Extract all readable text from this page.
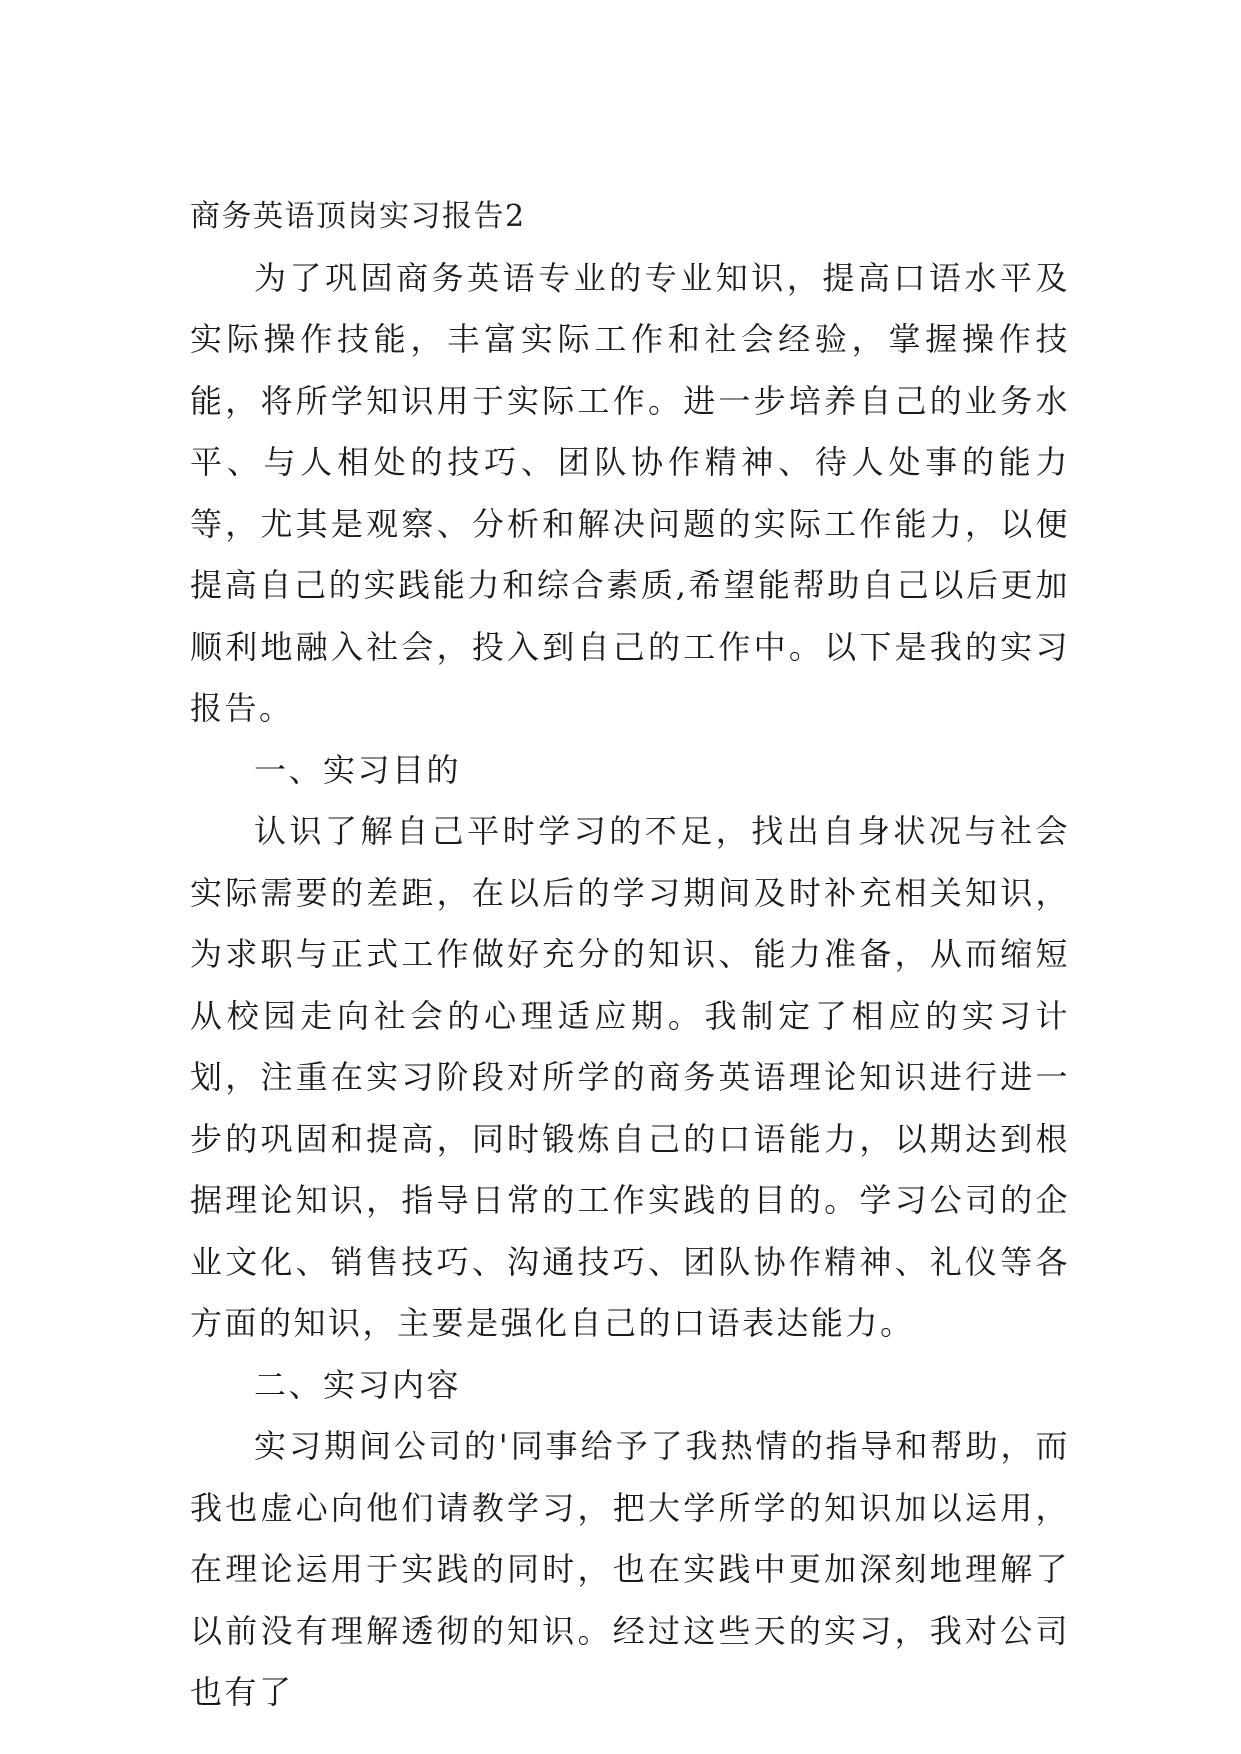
商务英语顶岗实习报告2

为了巩固商务英语专业的专业知识，提高口语水平及实际操作技能，丰富实际工作和社会经验，掌握操作技能，将所学知识用于实际工作。进一步培养自己的业务水平、与人相处的技巧、团队协作精神、待人处事的能力等，尤其是观察、分析和解决问题的实际工作能力，以便提高自己的实践能力和综合素质,希望能帮助自己以后更加顺利地融入社会，投入到自己的工作中。以下是我的实习报告。

一、实习目的

认识了解自己平时学习的不足，找出自身状况与社会实际需要的差距，在以后的学习期间及时补充相关知识，为求职与正式工作做好充分的知识、能力准备，从而缩短从校园走向社会的心理适应期。我制定了相应的实习计划，注重在实习阶段对所学的商务英语理论知识进行进一步的巩固和提高，同时锻炼自己的口语能力，以期达到根据理论知识，指导日常的工作实践的目的。学习公司的企业文化、销售技巧、沟通技巧、团队协作精神、礼仪等各方面的知识，主要是强化自己的口语表达能力。

二、实习内容

实习期间公司的'同事给予了我热情的指导和帮助，而我也虚心向他们请教学习，把大学所学的知识加以运用，在理论运用于实践的同时，也在实践中更加深刻地理解了以前没有理解透彻的知识。经过这些天的实习，我对公司也有了
